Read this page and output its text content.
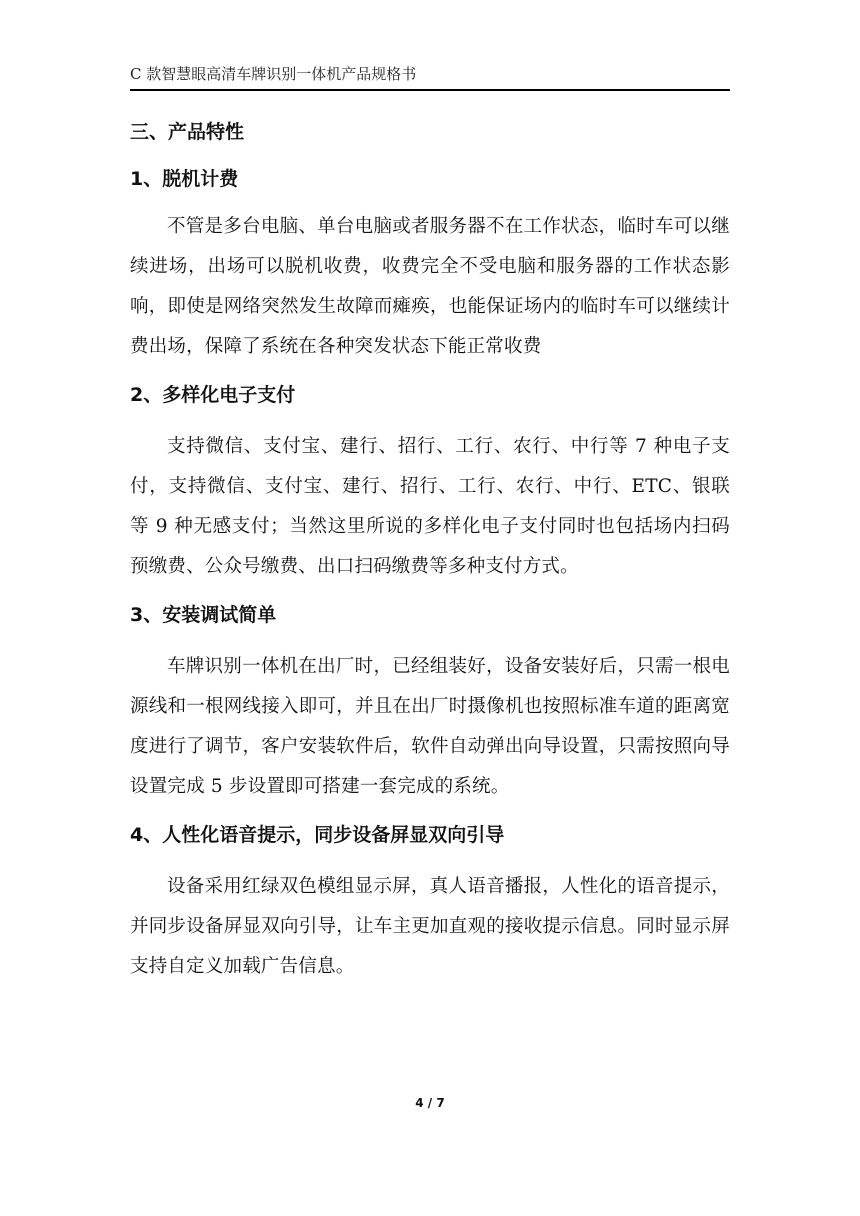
C 款智慧眼高清车牌识别一体机产品规格书
三、产品特性
1、脱机计费

不管是多台电脑、单台电脑或者服务器不在工作状态，临时车可以继续进场，出场可以脱机收费，收费完全不受电脑和服务器的工作状态影响，即使是网络突然发生故障而瘫痪，也能保证场内的临时车可以继续计费出场，保障了系统在各种突发状态下能正常收费

2、多样化电子支付

支持微信、支付宝、建行、招行、工行、农行、中行等 7 种电子支付，支持微信、支付宝、建行、招行、工行、农行、中行、ETC、银联等 9 种无感支付；当然这里所说的多样化电子支付同时也包括场内扫码预缴费、公众号缴费、出口扫码缴费等多种支付方式。

3、安装调试简单

车牌识别一体机在出厂时，已经组装好，设备安装好后，只需一根电源线和一根网线接入即可，并且在出厂时摄像机也按照标准车道的距离宽度进行了调节，客户安装软件后，软件自动弹出向导设置，只需按照向导设置完成 5 步设置即可搭建一套完成的系统。

4、人性化语音提示，同步设备屏显双向引导

设备采用红绿双色模组显示屏，真人语音播报，人性化的语音提示，并同步设备屏显双向引导，让车主更加直观的接收提示信息。同时显示屏支持自定义加载广告信息。

4 / 7
